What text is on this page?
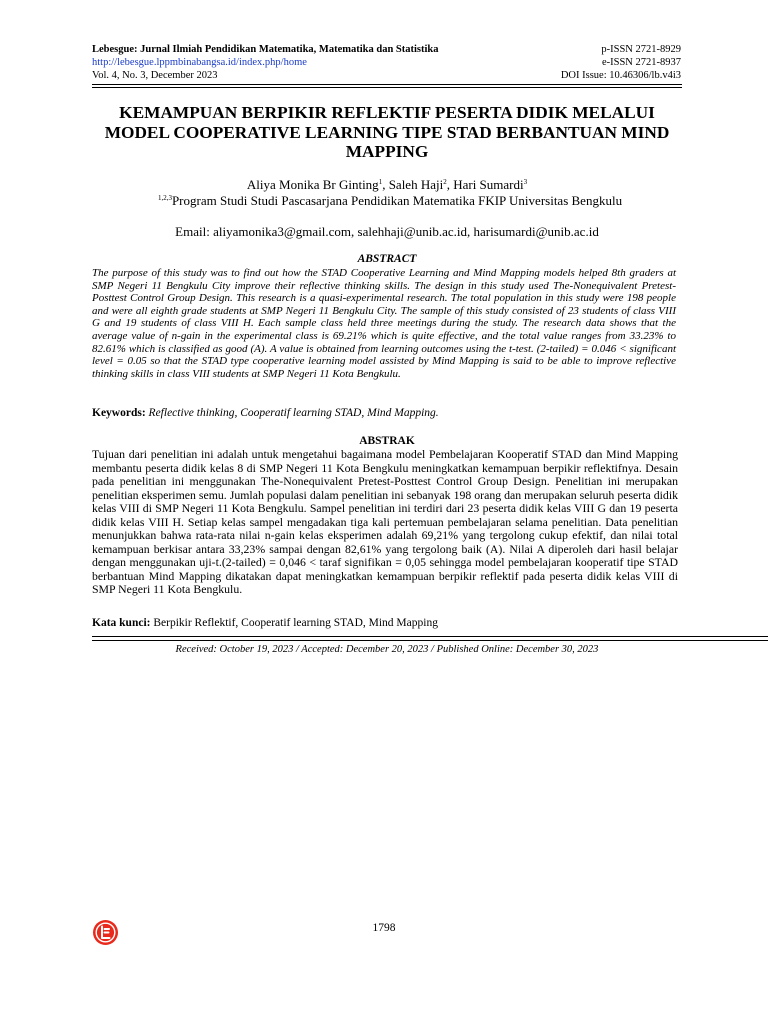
Lebesgue: Jurnal Ilmiah Pendidikan Matematika, Matematika dan Statistika
http://lebesgue.lppmbinabangsa.id/index.php/home
Vol. 4, No. 3, December 2023
p-ISSN 2721-8929
e-ISSN 2721-8937
DOI Issue: 10.46306/lb.v4i3
KEMAMPUAN BERPIKIR REFLEKTIF PESERTA DIDIK MELALUI MODEL COOPERATIVE LEARNING TIPE STAD BERBANTUAN MIND MAPPING
Aliya Monika Br Ginting$^1$, Saleh Haji$^2$, Hari Sumardi$^3$
$^{1,2,3}$Program Studi Studi Pascasarjana Pendidikan Matematika FKIP Universitas Bengkulu
Email: aliyamonika3@gmail.com, salehhaji@unib.ac.id, harisumardi@unib.ac.id
ABSTRACT
The purpose of this study was to find out how the STAD Cooperative Learning and Mind Mapping models helped 8th graders at SMP Negeri 11 Bengkulu City improve their reflective thinking skills. The design in this study used The-Nonequivalent Pretest-Posttest Control Group Design. This research is a quasi-experimental research. The total population in this study were 198 people and were all eighth grade students at SMP Negeri 11 Bengkulu City. The sample of this study consisted of 23 students of class VIII G and 19 students of class VIII H. Each sample class held three meetings during the study. The research data shows that the average value of n-gain in the experimental class is 69.21% which is quite effective, and the total value ranges from 33.23% to 82.61% which is classified as good (A). A value is obtained from learning outcomes using the t-test. (2-tailed) = 0.046 < significant level = 0.05 so that the STAD type cooperative learning model assisted by Mind Mapping is said to be able to improve reflective thinking skills in class VIII students at SMP Negeri 11 Kota Bengkulu.
Keywords: Reflective thinking, Cooperatif learning STAD, Mind Mapping.
ABSTRAK
Tujuan dari penelitian ini adalah untuk mengetahui bagaimana model Pembelajaran Kooperatif STAD dan Mind Mapping membantu peserta didik kelas 8 di SMP Negeri 11 Kota Bengkulu meningkatkan kemampuan berpikir reflektifnya. Desain pada penelitian ini menggunakan The-Nonequivalent Pretest-Posttest Control Group Design. Penelitian ini merupakan penelitian eksperimen semu. Jumlah populasi dalam penelitian ini sebanyak 198 orang dan merupakan seluruh peserta didik kelas VIII di SMP Negeri 11 Kota Bengkulu. Sampel penelitian ini terdiri dari 23 peserta didik kelas VIII G dan 19 peserta didik kelas VIII H. Setiap kelas sampel mengadakan tiga kali pertemuan pembelajaran selama penelitian. Data penelitian menunjukkan bahwa rata-rata nilai n-gain kelas eksperimen adalah 69,21% yang tergolong cukup efektif, dan nilai total kemampuan berkisar antara 33,23% sampai dengan 82,61% yang tergolong baik (A). Nilai A diperoleh dari hasil belajar dengan menggunakan uji-t.(2-tailed) = 0,046 < taraf signifikan = 0,05 sehingga model pembelajaran kooperatif tipe STAD berbantuan Mind Mapping dikatakan dapat meningkatkan kemampuan berpikir reflektif pada peserta didik kelas VIII di SMP Negeri 11 Kota Bengkulu.
Kata kunci: Berpikir Reflektif, Cooperatif learning STAD, Mind Mapping
Received: October 19, 2023 / Accepted: December 20, 2023 / Published Online: December 30, 2023
1798
